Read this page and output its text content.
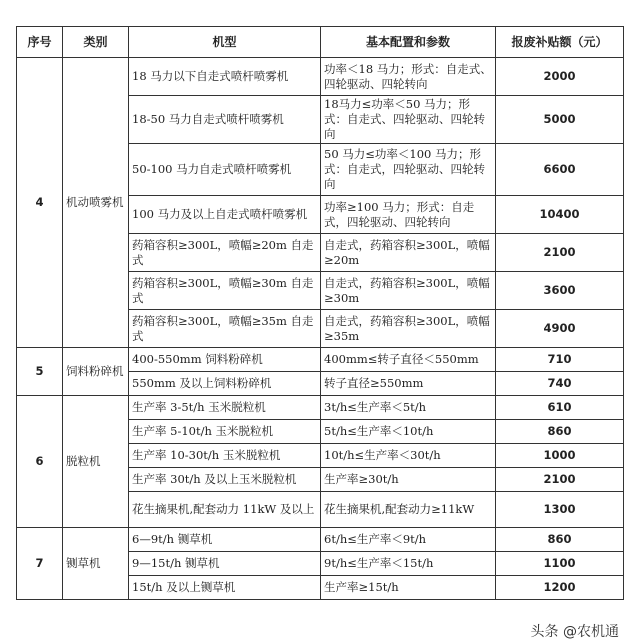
序号	类别	机型	基本配置和参数	报废补贴额（元）
4	机动喷雾机	18 马力以下自走式喷杆喷雾机	功率＜18 马力；形式：自走式、四轮驱动、四轮转向	2000
		18-50 马力自走式喷杆喷雾机	18马力≤功率＜50 马力；形式：自走式、四轮驱动、四轮转向	5000
		50-100 马力自走式喷杆喷雾机	50 马力≤功率＜100 马力；形式：自走式，四轮驱动、四轮转向	6600
		100 马力及以上自走式喷杆喷雾机	功率≥100 马力；形式：自走式，四轮驱动、四轮转向	10400
		药箱容积≥300L，喷幅≥20m 自走式	自走式，药箱容积≥300L，喷幅≥20m	2100
		药箱容积≥300L，喷幅≥30m 自走式	自走式，药箱容积≥300L，喷幅≥30m	3600
		药箱容积≥300L，喷幅≥35m 自走式	自走式，药箱容积≥300L，喷幅≥35m	4900
5	饲料粉碎机	400-550mm 饲料粉碎机	400mm≤转子直径＜550mm	710
		550mm 及以上饲料粉碎机	转子直径≥550mm	740
6	脱粒机	生产率 3-5t/h 玉米脱粒机	3t/h≤生产率＜5t/h	610
		生产率 5-10t/h 玉米脱粒机	5t/h≤生产率＜10t/h	860
		生产率 10-30t/h 玉米脱粒机	10t/h≤生产率＜30t/h	1000
		生产率 30t/h 及以上玉米脱粒机	生产率≥30t/h	2100
		花生摘果机,配套动力 11kW 及以上	花生摘果机,配套动力≥11kW	1300
7	铡草机	6—9t/h 铡草机	6t/h≤生产率＜9t/h	860
		9—15t/h 铡草机	9t/h≤生产率＜15t/h	1100
		15t/h 及以上铡草机	生产率≥15t/h	1200
头条 @农机通
